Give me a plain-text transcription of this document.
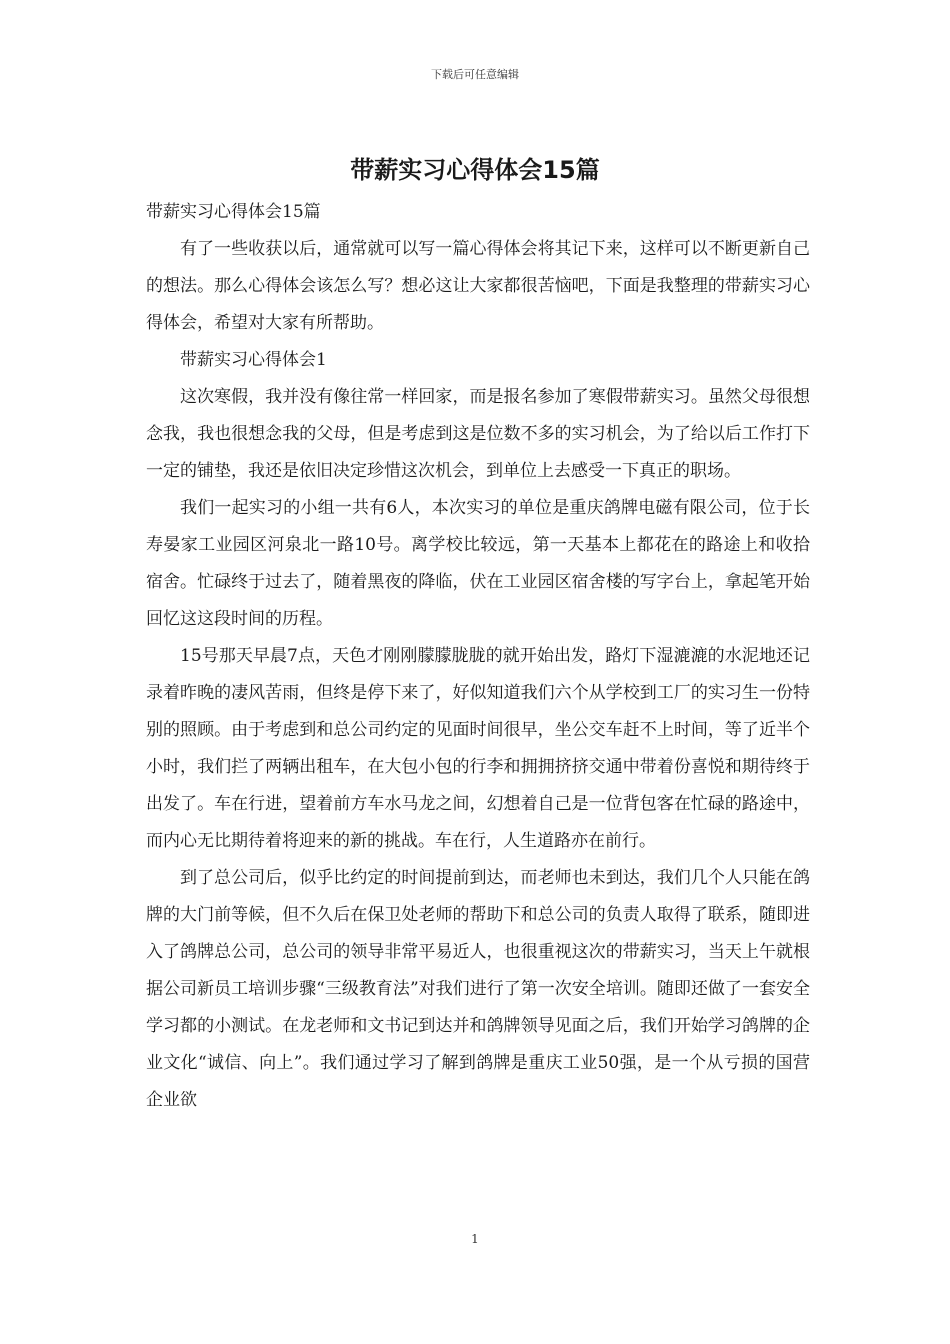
下载后可任意编辑
带薪实习心得体会15篇

带薪实习心得体会15篇

有了一些收获以后，通常就可以写一篇心得体会将其记下来，这样可以不断更新自己的想法。那么心得体会该怎么写？想必这让大家都很苦恼吧，下面是我整理的带薪实习心得体会，希望对大家有所帮助。

带薪实习心得体会1

这次寒假，我并没有像往常一样回家，而是报名参加了寒假带薪实习。虽然父母很想念我，我也很想念我的父母，但是考虑到这是位数不多的实习机会，为了给以后工作打下一定的铺垫，我还是依旧决定珍惜这次机会，到单位上去感受一下真正的职场。

我们一起实习的小组一共有6人，本次实习的单位是重庆鸽牌电磁有限公司，位于长寿晏家工业园区河泉北一路10号。离学校比较远，第一天基本上都花在的路途上和收拾宿舍。忙碌终于过去了，随着黑夜的降临，伏在工业园区宿舍楼的写字台上，拿起笔开始回忆这这段时间的历程。

15号那天早晨7点，天色才刚刚朦朦胧胧的就开始出发，路灯下湿漉漉的水泥地还记录着昨晚的凄风苦雨，但终是停下来了，好似知道我们六个从学校到工厂的实习生一份特别的照顾。由于考虑到和总公司约定的见面时间很早，坐公交车赶不上时间，等了近半个小时，我们拦了两辆出租车，在大包小包的行李和拥拥挤挤交通中带着份喜悦和期待终于出发了。车在行进，望着前方车水马龙之间，幻想着自己是一位背包客在忙碌的路途中，而内心无比期待着将迎来的新的挑战。车在行，人生道路亦在前行。

到了总公司后，似乎比约定的时间提前到达，而老师也未到达，我们几个人只能在鸽牌的大门前等候，但不久后在保卫处老师的帮助下和总公司的负责人取得了联系，随即进入了鸽牌总公司，总公司的领导非常平易近人，也很重视这次的带薪实习，当天上午就根据公司新员工培训步骤“三级教育法”对我们进行了第一次安全培训。随即还做了一套安全学习都的小测试。在龙老师和文书记到达并和鸽牌领导见面之后，我们开始学习鸽牌的企业文化“诚信、向上”。我们通过学习了解到鸽牌是重庆工业50强，是一个从亏损的国营企业欲

1
